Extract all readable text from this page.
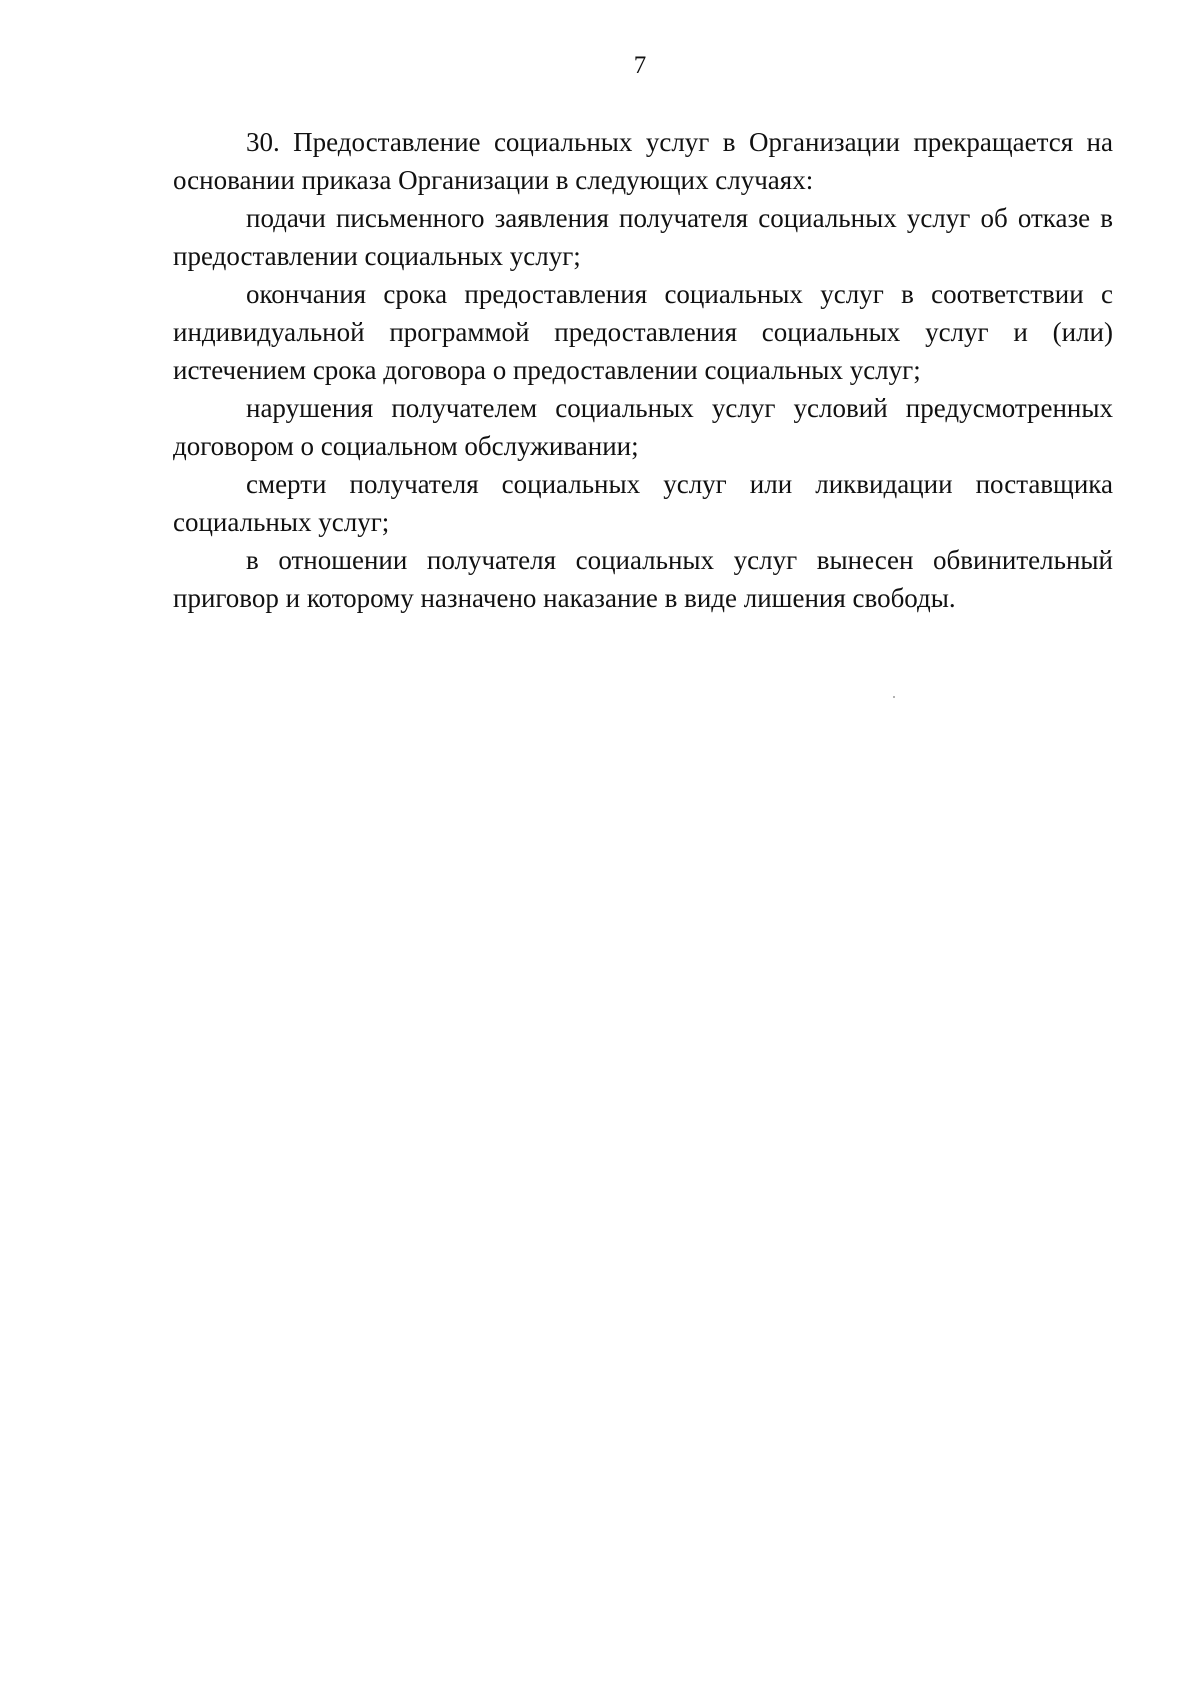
7

30. Предоставление социальных услуг в Организации прекращается на основании приказа Организации в следующих случаях:

подачи письменного заявления получателя социальных услуг об отказе в предоставлении социальных услуг;

окончания срока предоставления социальных услуг в соответствии с индивидуальной программой предоставления социальных услуг и (или) истечением срока договора о предоставлении социальных услуг;

нарушения получателем социальных услуг условий предусмотренных договором о социальном обслуживании;

смерти получателя социальных услуг или ликвидации поставщика социальных услуг;

в отношении получателя социальных услуг вынесен обвинительный приговор и которому назначено наказание в виде лишения свободы.
